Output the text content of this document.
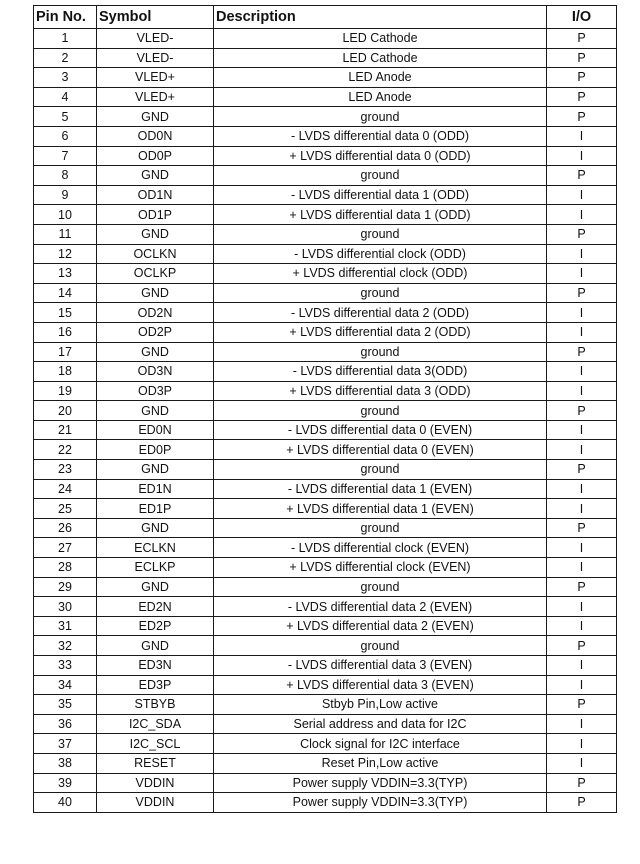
Pin No.	Symbol	Description	I/O
1	VLED-	LED Cathode	P
2	VLED-	LED Cathode	P
3	VLED+	LED Anode	P
4	VLED+	LED Anode	P
5	GND	ground	P
6	OD0N	- LVDS differential data 0 (ODD)	I
7	OD0P	+ LVDS differential data 0 (ODD)	I
8	GND	ground	P
9	OD1N	- LVDS differential data 1 (ODD)	I
10	OD1P	+ LVDS differential data 1 (ODD)	I
11	GND	ground	P
12	OCLKN	- LVDS differential clock (ODD)	I
13	OCLKP	+ LVDS differential clock (ODD)	I
14	GND	ground	P
15	OD2N	- LVDS differential data 2 (ODD)	I
16	OD2P	+ LVDS differential data 2 (ODD)	I
17	GND	ground	P
18	OD3N	- LVDS differential data 3(ODD)	I
19	OD3P	+ LVDS differential data 3 (ODD)	I
20	GND	ground	P
21	ED0N	- LVDS differential data 0 (EVEN)	I
22	ED0P	+ LVDS differential data 0 (EVEN)	I
23	GND	ground	P
24	ED1N	- LVDS differential data 1 (EVEN)	I
25	ED1P	+ LVDS differential data 1 (EVEN)	I
26	GND	ground	P
27	ECLKN	- LVDS differential clock (EVEN)	I
28	ECLKP	+ LVDS differential clock (EVEN)	I
29	GND	ground	P
30	ED2N	- LVDS differential data 2 (EVEN)	I
31	ED2P	+ LVDS differential data 2 (EVEN)	I
32	GND	ground	P
33	ED3N	- LVDS differential data 3 (EVEN)	I
34	ED3P	+ LVDS differential data 3 (EVEN)	I
35	STBYB	Stbyb Pin,Low active	P
36	I2C_SDA	Serial address and data for I2C	I
37	I2C_SCL	Clock signal for I2C interface	I
38	RESET	Reset Pin,Low active	I
39	VDDIN	Power supply VDDIN=3.3(TYP)	P
40	VDDIN	Power supply VDDIN=3.3(TYP)	P
